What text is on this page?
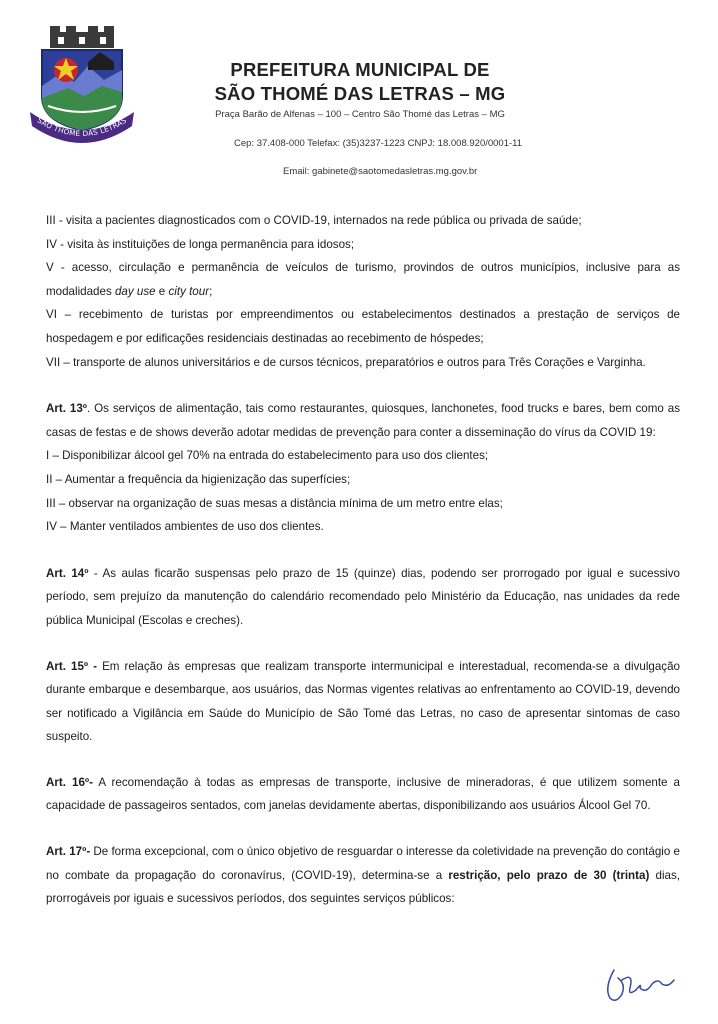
SÃO THOMÉ DAS LETRAS
PREFEITURA MUNICIPAL DE
SÃO THOMÉ DAS LETRAS – MG
Praça Barão de Alfenas – 100 – Centro São Thomé das Letras – MG
Cep: 37.408-000 Telefax: (35)3237-1223 CNPJ: 18.008.920/0001-11
Email: gabinete@saotomedasletras.mg.gov.br

III - visita a pacientes diagnosticados com o COVID-19, internados na rede pública ou privada de saúde;

IV - visita às instituições de longa permanência para idosos;

V - acesso, circulação e permanência de veículos de turismo, provindos de outros municípios, inclusive para as modalidades day use e city tour;

VI – recebimento de turistas por empreendimentos ou estabelecimentos destinados a prestação de serviços de hospedagem e por edificações residenciais destinadas ao recebimento de hóspedes;

VII – transporte de alunos universitários e de cursos técnicos, preparatórios e outros para Três Corações e Varginha.

Art. 13º. Os serviços de alimentação, tais como restaurantes, quiosques, lanchonetes, food trucks e bares, bem como as casas de festas e de shows deverão adotar medidas de prevenção para conter a disseminação do vírus da COVID 19:

I – Disponibilizar álcool gel 70% na entrada do estabelecimento para uso dos clientes;

II – Aumentar a frequência da higienização das superfícies;

III – observar na organização de suas mesas a distância mínima de um metro entre elas;

IV – Manter ventilados ambientes de uso dos clientes.

Art. 14º - As aulas ficarão suspensas pelo prazo de 15 (quinze) dias, podendo ser prorrogado por igual e sucessivo período, sem prejuízo da manutenção do calendário recomendado pelo Ministério da Educação, nas unidades da rede pública Municipal (Escolas e creches).

Art. 15º - Em relação às empresas que realizam transporte intermunicipal e interestadual, recomenda-se a divulgação durante embarque e desembarque, aos usuários, das Normas vigentes relativas ao enfrentamento ao COVID-19, devendo ser notificado a Vigilância em Saúde do Município de São Tomé das Letras, no caso de apresentar sintomas de caso suspeito.

Art. 16º- A recomendação à todas as empresas de transporte, inclusive de mineradoras, é que utilizem somente a capacidade de passageiros sentados, com janelas devidamente abertas, disponibilizando aos usuários Álcool Gel 70.

Art. 17º- De forma excepcional, com o único objetivo de resguardar o interesse da coletividade na prevenção do contágio e no combate da propagação do coronavírus, (COVID-19), determina-se a restrição, pelo prazo de 30 (trinta) dias, prorrogáveis por iguais e sucessivos períodos, dos seguintes serviços públicos:
